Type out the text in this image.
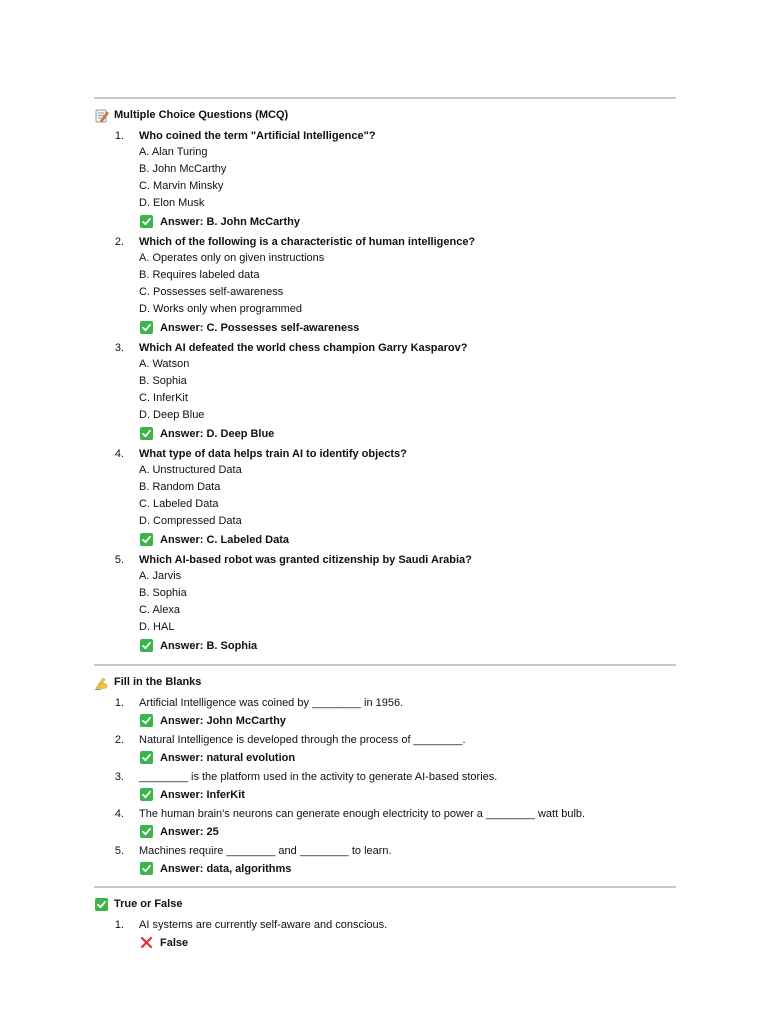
Multiple Choice Questions (MCQ)
1.	Who coined the term "Artificial Intelligence"?
A. Alan Turing
B. John McCarthy
C. Marvin Minsky
D. Elon Musk
Answer: B. John McCarthy
2.	Which of the following is a characteristic of human intelligence?
A. Operates only on given instructions
B. Requires labeled data
C. Possesses self-awareness
D. Works only when programmed
Answer: C. Possesses self-awareness
3.	Which AI defeated the world chess champion Garry Kasparov?
A. Watson
B. Sophia
C. InferKit
D. Deep Blue
Answer: D. Deep Blue
4.	What type of data helps train AI to identify objects?
A. Unstructured Data
B. Random Data
C. Labeled Data
D. Compressed Data
Answer: C. Labeled Data
5.	Which AI-based robot was granted citizenship by Saudi Arabia?
A. Jarvis
B. Sophia
C. Alexa
D. HAL
Answer: B. Sophia
Fill in the Blanks
1.	Artificial Intelligence was coined by ________ in 1956.
Answer: John McCarthy
2.	Natural Intelligence is developed through the process of ________.
Answer: natural evolution
3.	________ is the platform used in the activity to generate AI-based stories.
Answer: InferKit
4.	The human brain's neurons can generate enough electricity to power a ________ watt bulb.
Answer: 25
5.	Machines require ________ and ________ to learn.
Answer: data, algorithms
True or False
1.	AI systems are currently self-aware and conscious.
False
